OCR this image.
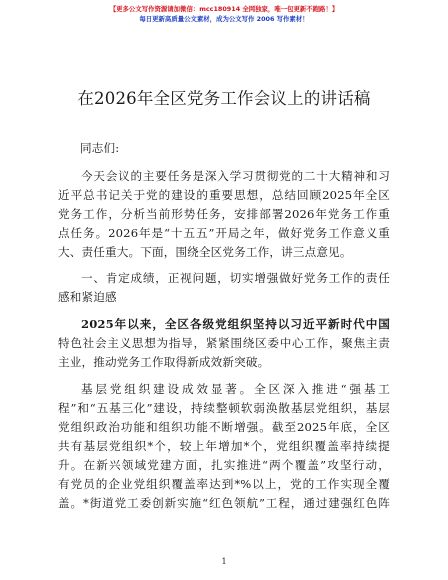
【更多公文写作资源请加微信：mcc180914 全网独家，唯一包更新不跑路！】
每日更新高质量公文素材，成为公文写作 2006 写作素材！
在2026年全区党务工作会议上的讲话稿
同志们:
今天会议的主要任务是深入学习贯彻党的二十大精神和习
近平总书记关于党的建设的重要思想，总结回顾2025年全区
党务工作，分析当前形势任务，安排部署2026年党务工作重
点任务。2026年是“十五五”开局之年，做好党务工作意义重
大、责任重大。下面，围绕全区党务工作，讲三点意见。
一、肯定成绩，正视问题，切实增强做好党务工作的责任
感和紧迫感
2025年以来，全区各级党组织坚持以习近平新时代中国
特色社会主义思想为指导，紧紧围绕区委中心工作，聚焦主责
主业，推动党务工作取得新成效新突破。
基层党组织建设成效显著。全区深入推进“强基工
程”和“五基三化”建设，持续整顿软弱涣散基层党组织，基层
党组织政治功能和组织功能不断增强。截至2025年底，全区
共有基层党组织*个，较上年增加*个，党组织覆盖率持续提
升。在新兴领域党建方面，扎实推进“两个覆盖”攻坚行动，
有党员的企业党组织覆盖率达到*%以上，党的工作实现全覆
盖。*街道党工委创新实施“红色领航”工程，通过建强红色阵
1
